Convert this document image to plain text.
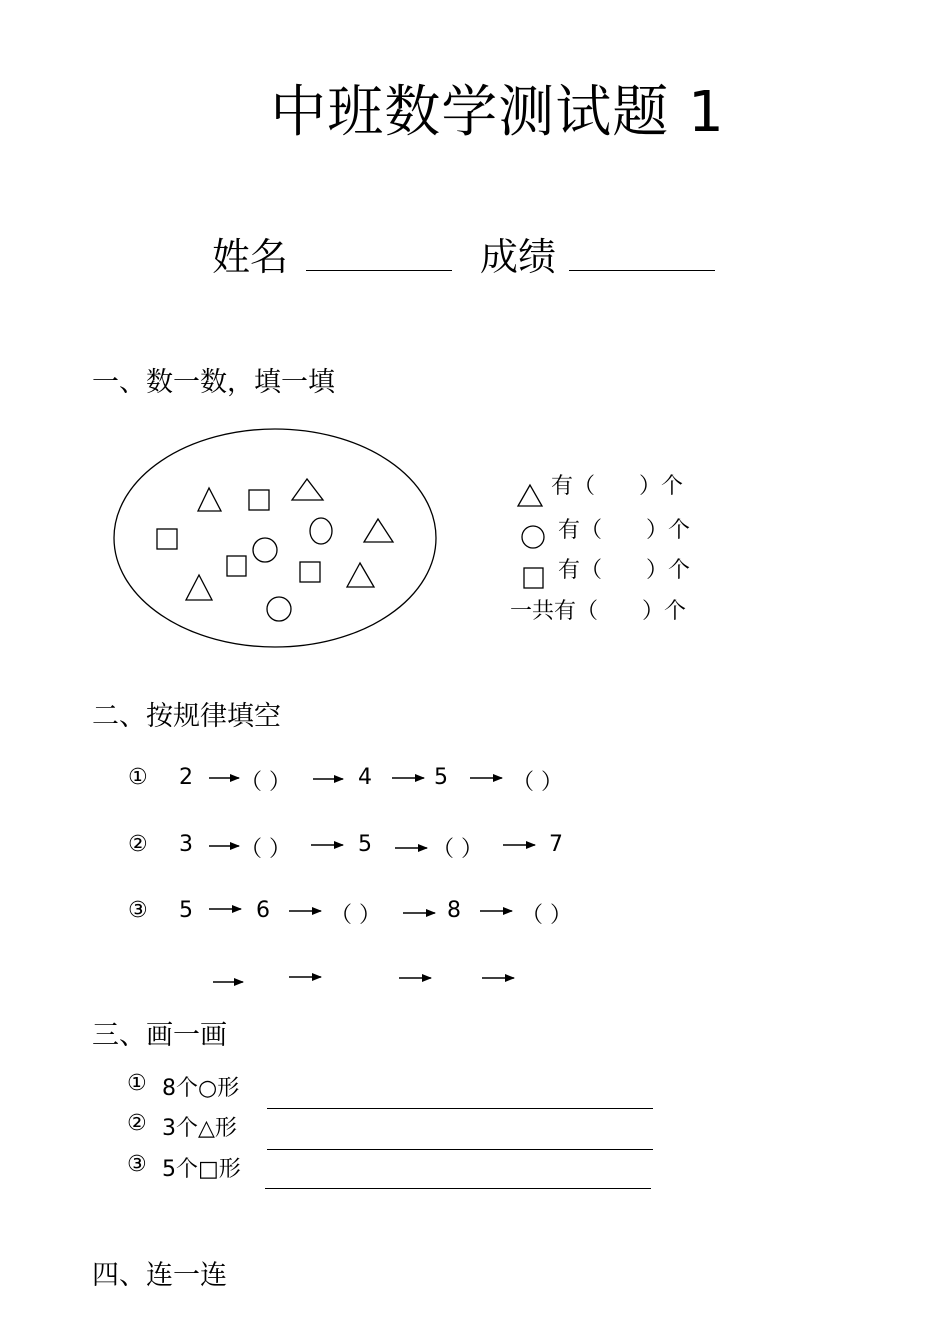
中班数学测试题 1
姓名	成绩
一、数一数，填一填
有（　　）个
有（　　）个
有（　　）个
一共有（　　）个
二、按规律填空
① 2 （ ）	4	5	（ ）
② 3 （ ）	5	（ ）	7
③ 5	6	（ ）	8	（ ）
三、画一画
① 8个○形
② 3个△形
③ 5个□形
四、连一连
